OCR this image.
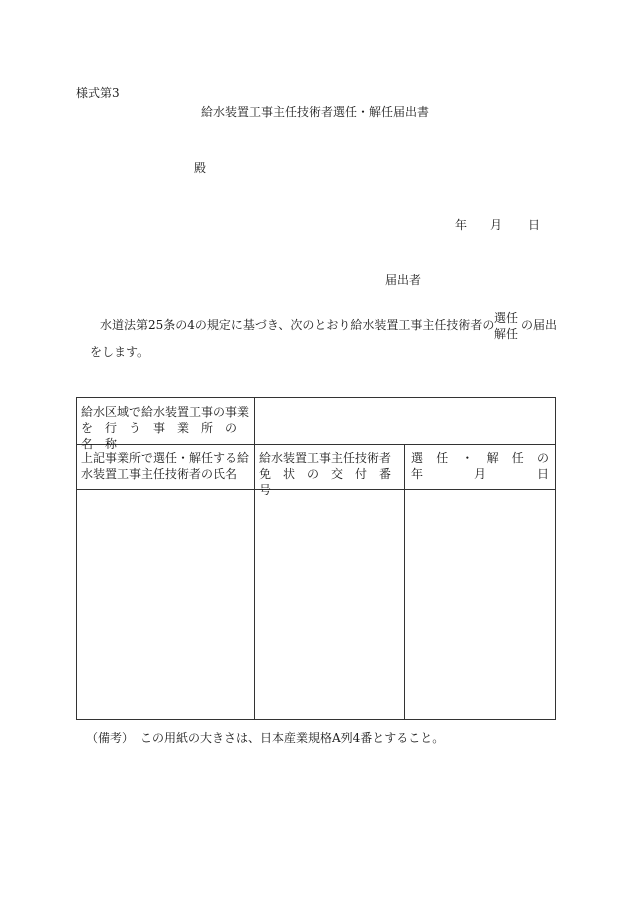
様式第3
給水装置工事主任技術者選任・解任届出書
殿
年 月 日
届出者
水道法第25条の4の規定に基づき、次のとおり給水装置工事主任技術者の 選任
解任
の届出
をします。
給水区域で給水装置工事の事業
を　行　う　事　業　所　の　名　称
上記事業所で選任・解任する給
水装置工事主任技術者の氏名
給水装置工事主任技術者
免　状　の　交　付　番　号
選 任 ・ 解 任 の
年	月	日
（備考）　この用紙の大きさは、日本産業規格A列4番とすること。
